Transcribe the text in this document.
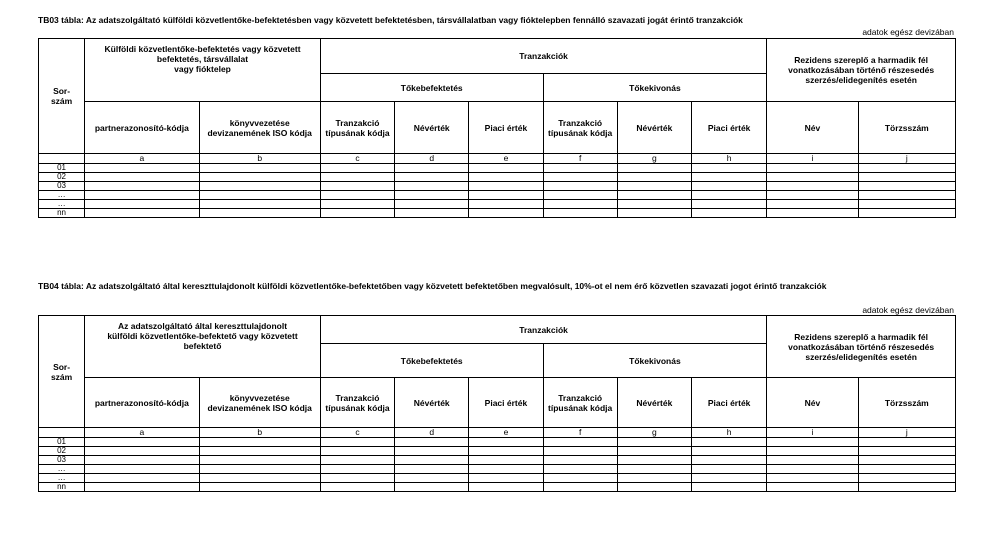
TB03 tábla: Az adatszolgáltató külföldi közvetlentőke-befektetésben vagy közvetett befektetésben, társvállalatban vagy fióktelepben fennálló szavazati jogát érintő tranzakciók
adatok egész devizában
Sor-
szám	Külföldi közvetlentőke-befektetés vagy közvetett befektetés, társvállalat
vagy fióktelep		Tranzakciók						Rezidens szereplő a harmadik fél vonatkozásában történő részesedés szerzés/elidegenítés esetén	
			Tőkebefektetés			Tőkekivonás				
	partnerazonosító-kódja	könyvvezetése devizanemének ISO kódja	Tranzakció típusának kódja	Névérték	Piaci érték	Tranzakció típusának kódja	Névérték	Piaci érték	Név	Törzsszám
	a	b	c	d	e	f	g	h	i	j
01										
02										
03										
…										
…										
nn										
TB04 tábla: Az adatszolgáltató által kereszttulajdonolt külföldi közvetlentőke-befektetőben vagy közvetett befektetőben megvalósult, 10%-ot el nem érő közvetlen szavazati jogot érintő tranzakciók
adatok egész devizában
Sor-
szám	Az adatszolgáltató által kereszttulajdonolt külföldi közvetlentőke-befektető vagy közvetett befektető		Tranzakciók						Rezidens szereplő a harmadik fél vonatkozásában történő részesedés szerzés/elidegenítés esetén	
			Tőkebefektetés			Tőkekivonás				
	partnerazonosító-kódja	könyvvezetése devizanemének ISO kódja	Tranzakció típusának kódja	Névérték	Piaci érték	Tranzakció típusának kódja	Névérték	Piaci érték	Név	Törzsszám
	a	b	c	d	e	f	g	h	i	j
01										
02										
03										
…										
…										
nn										
